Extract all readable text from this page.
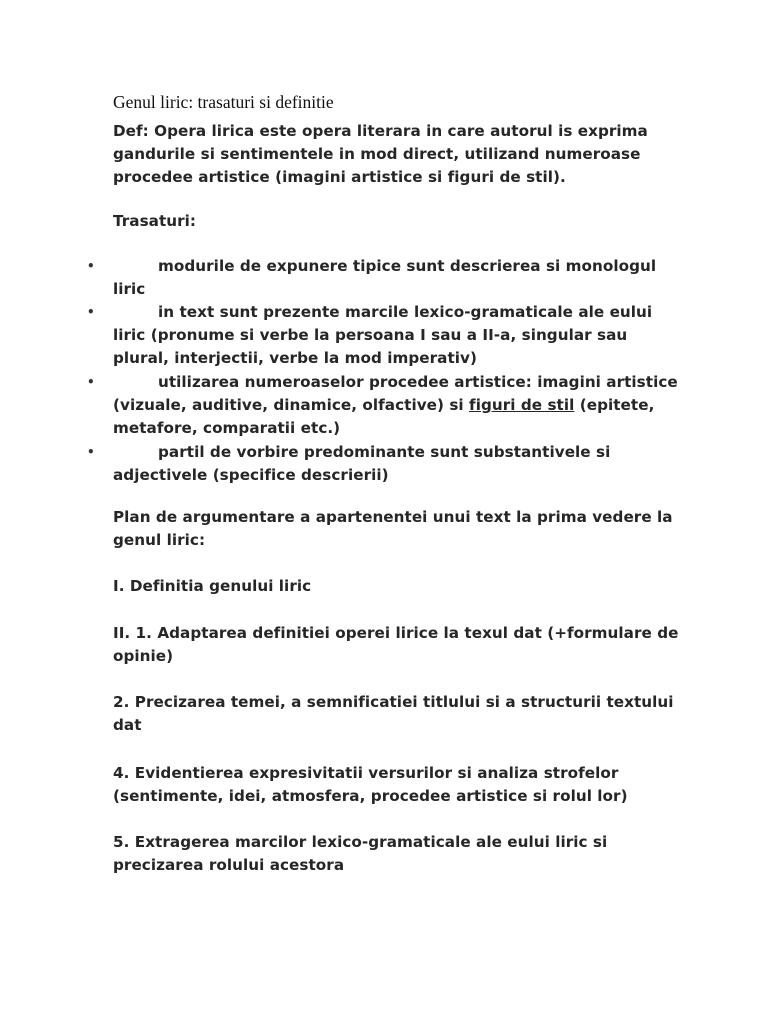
Genul liric: trasaturi si definitie
Def: Opera lirica este opera literara in care autorul is exprima
gandurile si sentimentele in mod direct, utilizand numeroase
procedee artistice (imagini artistice si figuri de stil).
Trasaturi:
•	modurile de expunere tipice sunt descrierea si monologul
liric
•	in text sunt prezente marcile lexico-gramaticale ale eului
liric (pronume si verbe la persoana I sau a II-a, singular sau
plural, interjectii, verbe la mod imperativ)
•	utilizarea numeroaselor procedee artistice: imagini artistice
(vizuale, auditive, dinamice, olfactive) si figuri de stil (epitete,
metafore, comparatii etc.)
•	partil de vorbire predominante sunt substantivele si
adjectivele (specifice descrierii)
Plan de argumentare a apartenentei unui text la prima vedere la
genul liric:
I. Definitia genului liric
II. 1. Adaptarea definitiei operei lirice la texul dat (+formulare de
opinie)
2. Precizarea temei, a semnificatiei titlului si a structurii textului
dat
4. Evidentierea expresivitatii versurilor si analiza strofelor
(sentimente, idei, atmosfera, procedee artistice si rolul lor)
5. Extragerea marcilor lexico-gramaticale ale eului liric si
precizarea rolului acestora
